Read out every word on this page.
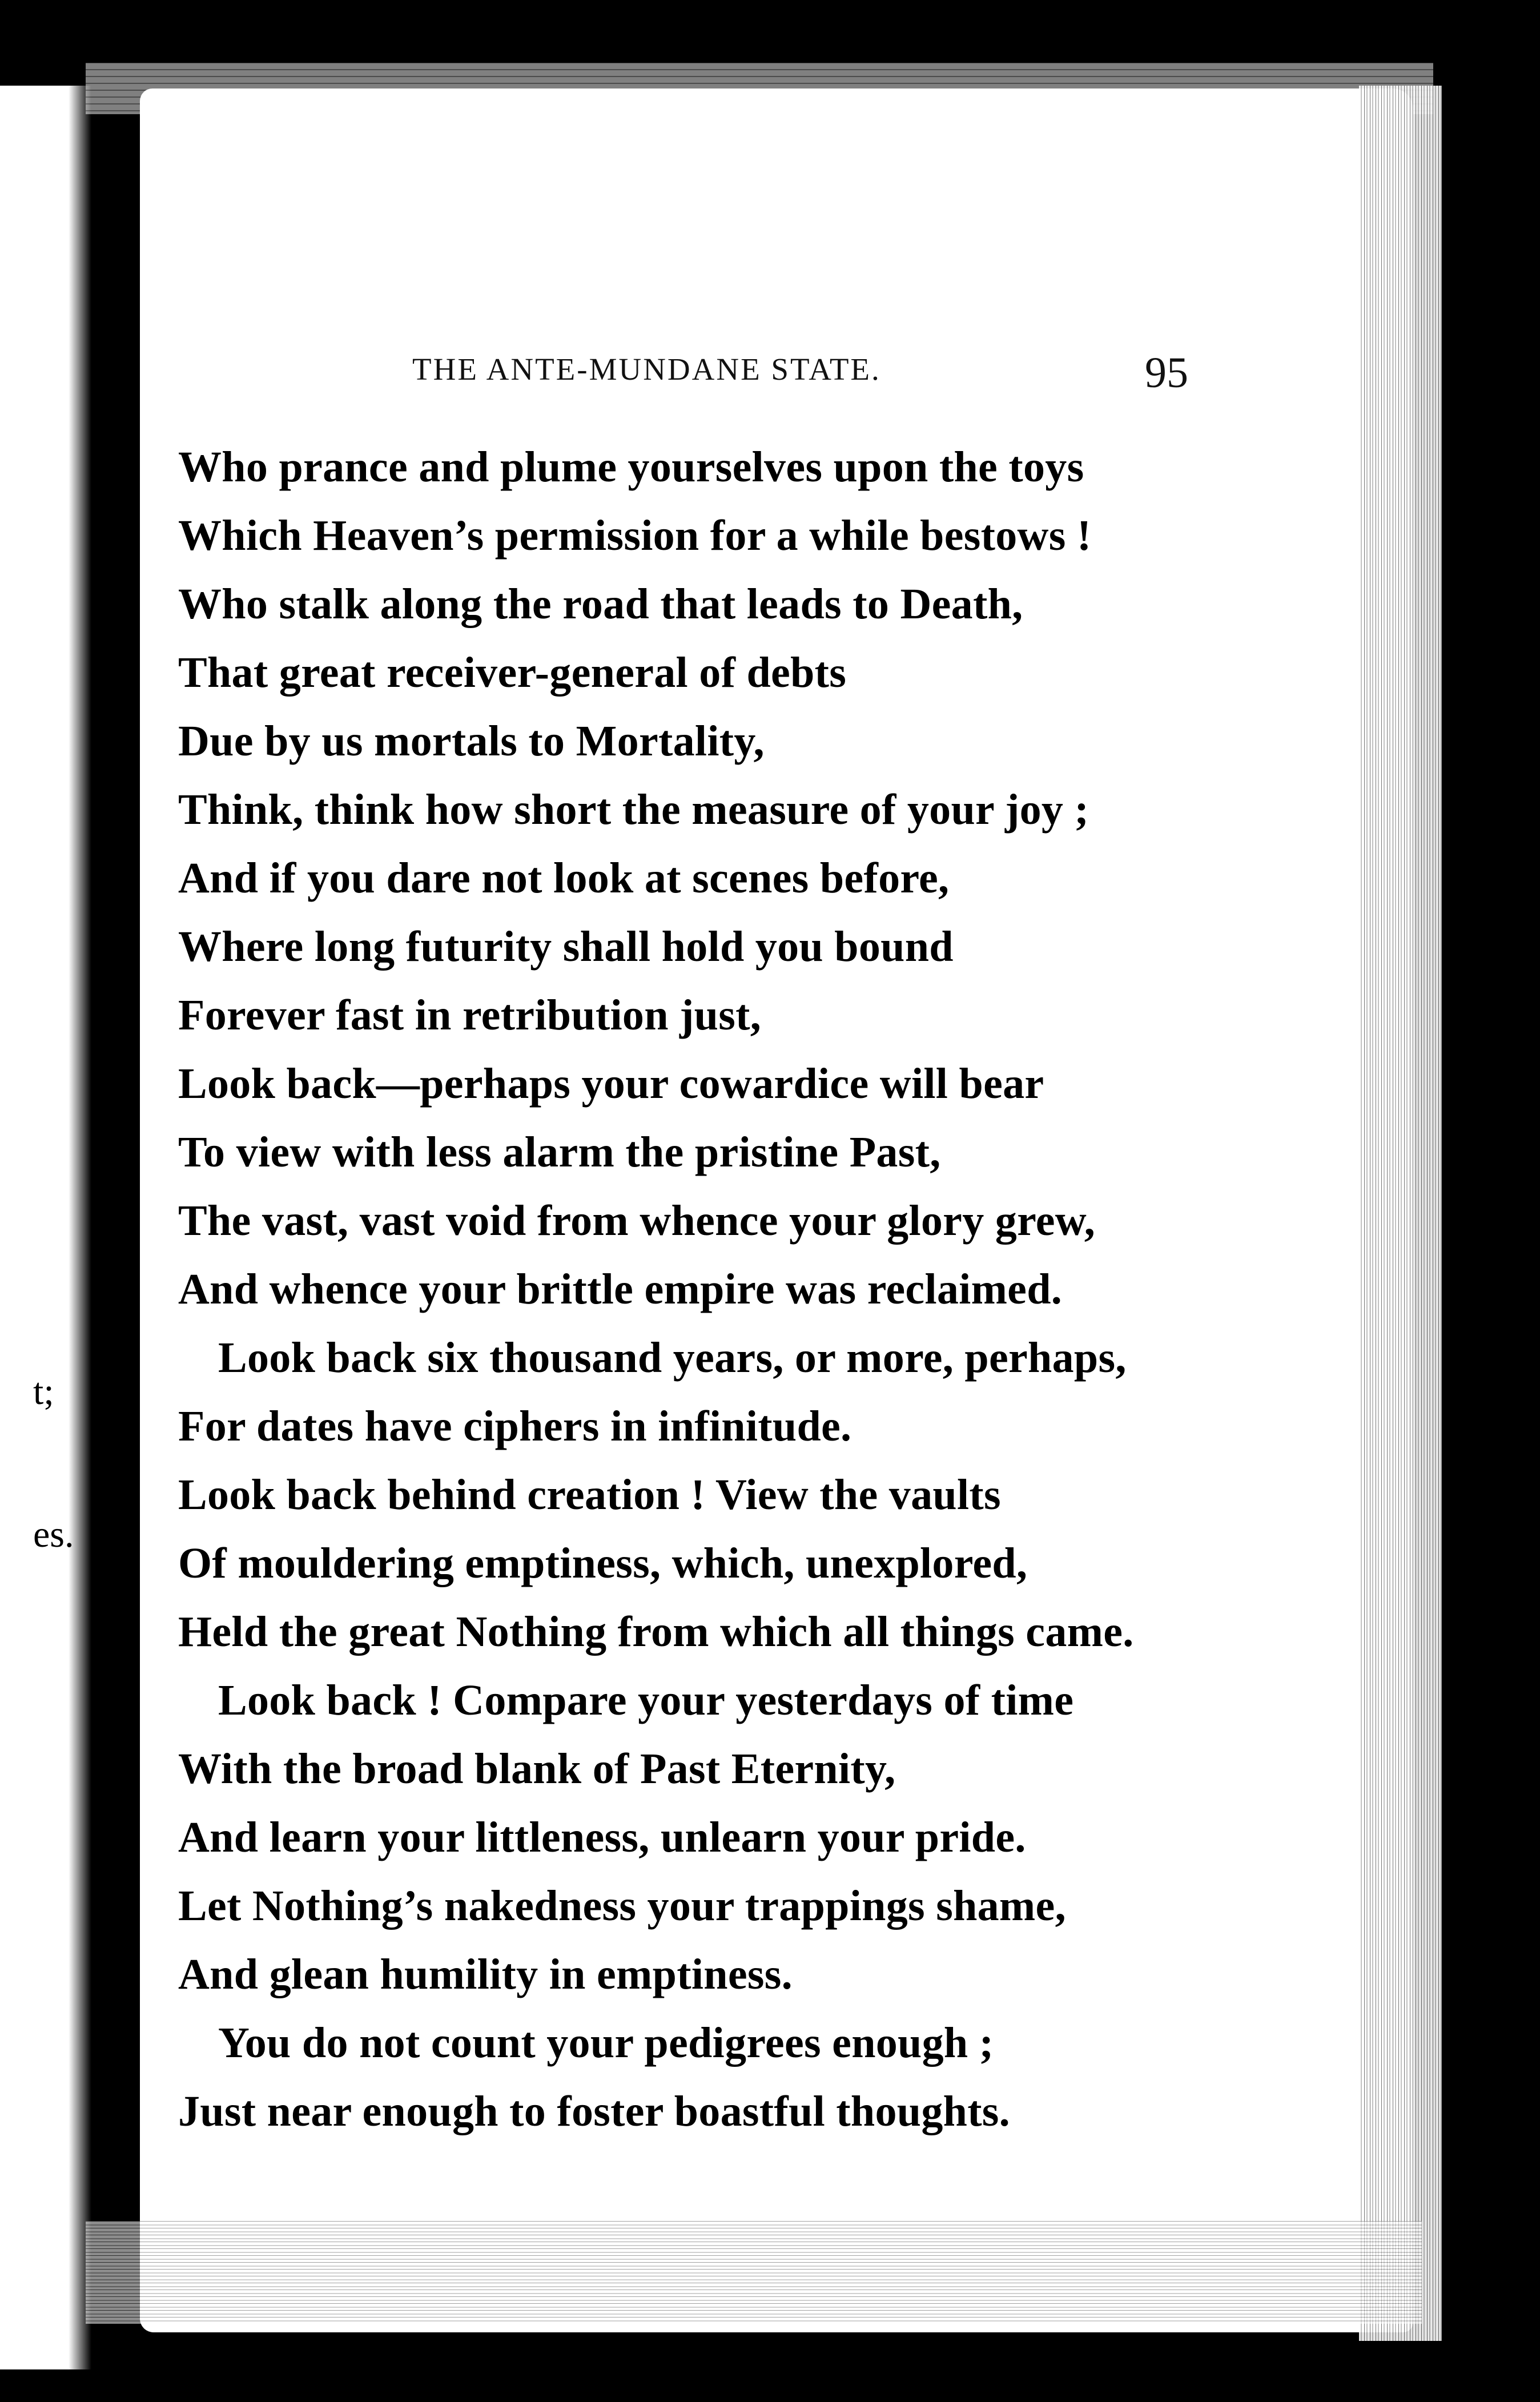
t;
es.
THE ANTE-MUNDANE STATE.	95
Who prance and plume yourselves upon the toys
Which Heaven’s permission for a while bestows !
Who stalk along the road that leads to Death,
That great receiver-general of debts
Due by us mortals to Mortality,
Think, think how short the measure of your joy ;
And if you dare not look at scenes before,
Where long futurity shall hold you bound
Forever fast in retribution just,
Look back—perhaps your cowardice will bear
To view with less alarm the pristine Past,
The vast, vast void from whence your glory grew,
And whence your brittle empire was reclaimed.
Look back six thousand years, or more, perhaps,
For dates have ciphers in infinitude.
Look back behind creation ! View the vaults
Of mouldering emptiness, which, unexplored,
Held the great Nothing from which all things came.
Look back ! Compare your yesterdays of time
With the broad blank of Past Eternity,
And learn your littleness, unlearn your pride.
Let Nothing’s nakedness your trappings shame,
And glean humility in emptiness.
You do not count your pedigrees enough ;
Just near enough to foster boastful thoughts.
